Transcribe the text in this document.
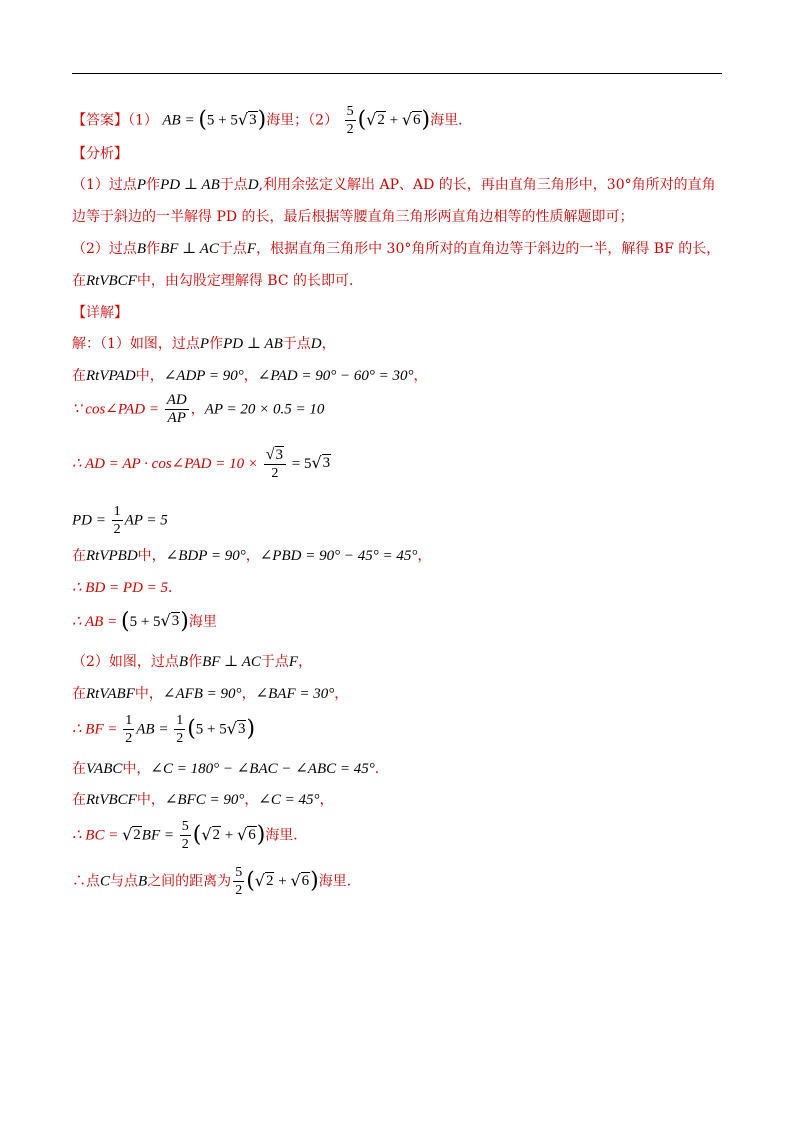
【答案】（1） AB = (5 + 5 √ 3 )海里；$(2) \frac{5}{2}$ ( √ 2 + √ 6 )海里．
【分析】
（1）过点P作PD ⊥ AB于点D,利用余弦定义解出 AP、AD 的长，再由直角三角形中，30°角所对的直角
边等于斜边的一半解得 PD 的长，最后根据等腰直角三角形两直角边相等的性质解题即可；
（2）过点B作BF ⊥ AC于点F，根据直角三角形中 30°角所对的直角边等于斜边的一半，解得 BF 的长，
在RtVBCF中，由勾股定理解得 BC 的长即可．
【详解】
解：（1）如图，过点P作PD ⊥ AB于点D，
在RtVPAD中，∠ADP = 90°，∠PAD = 90° − 60° = 30°，
∵ cos∠PAD = $\frac{AD}{AP}$ ，AP = 20 × 0.5 = 10
∴ AD = AP · cos∠PAD = $10 \times \frac{√ 3}{2} = 5$ √ 3
PD = $\frac{1}{2}$ AP = 5
在RtVPBD中，∠BDP = 90°，∠PBD = 90° − 45° = 45°，
∴ BD = PD = 5．
∴ AB = (5 + 5 √ 3 )海里
（2）如图，过点B作BF ⊥ AC于点F，
在RtVABF中，∠AFB = 90°，∠BAF = 30°，
∴ BF = $\frac{1}{2}$ AB = $\frac{1}{2} (5 + 5$ √ 3 )
在VABC中，∠C = 180° − ∠BAC − ∠ABC = 45°．
在RtVBCF中，∠BFC = 90°，∠C = 45°，
∴ BC = √ 2 BF = $\frac{5}{2}$ ( √ 2 + √ 6 )海里．
∴点C与点B之间的距离为 $\frac{5}{2}$ ( √ 2 + √ 6 )海里．
